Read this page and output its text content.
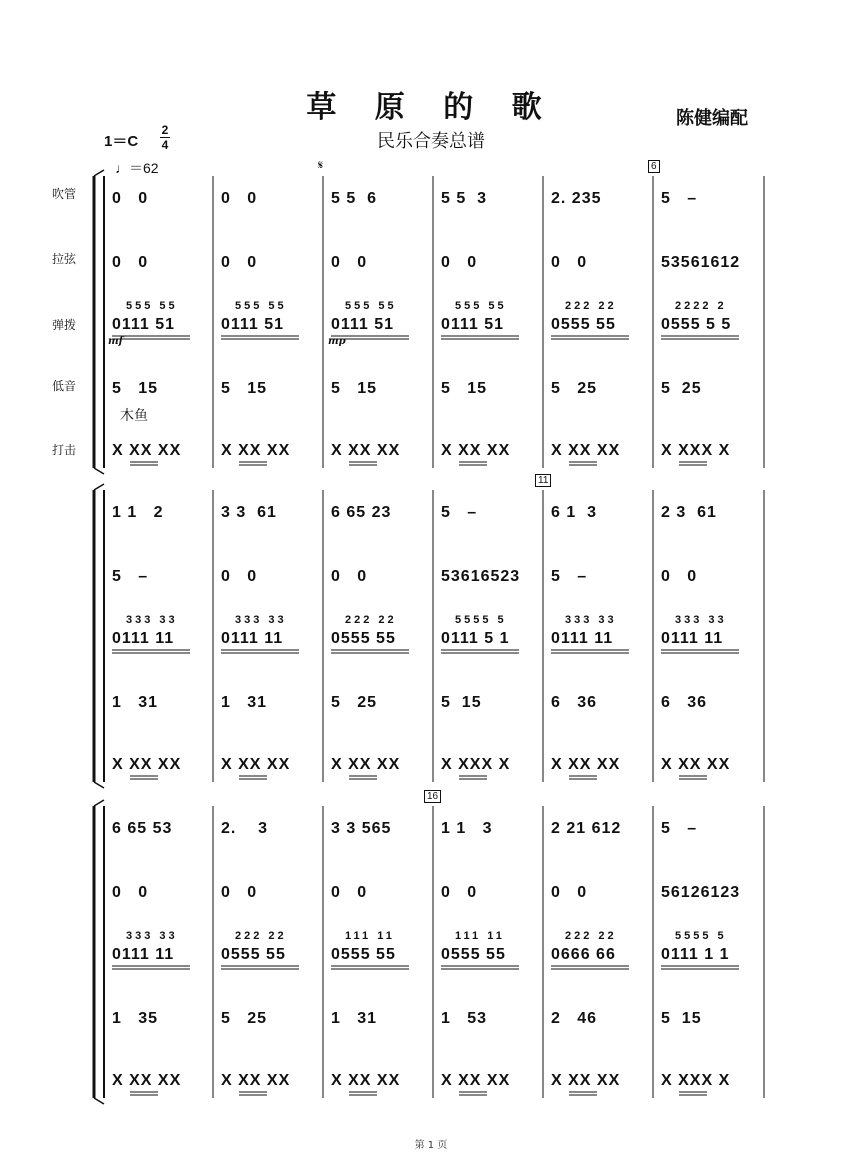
草 原 的 歌
民乐合奏总谱
陈健编配
1＝C
2
4
♩＝62
木鱼
第 1 页
吹管
拉弦
弹拨
低音
打击
0   0
0   0
0111 51
5   15
X XX XX
555 55
0   0
0   0
0111 51
5   15
X XX XX
555 55
5 5  6
0   0
0111 51
5   15
X XX XX
555 55
5 5  3
0   0
0111 51
5   15
X XX XX
555 55
2. 235
0   0
0555 55
5   25
X XX XX
222 22
5   –
53561612
0555 5 5
5  25
X XXX X
2222 2
6
mf	mp
1 1   2
5   –
0111 11
1   31
X XX XX
333 33
3 3  61
0   0
0111 11
1   31
X XX XX
333 33
6 65 23
0   0
0555 55
5   25
X XX XX
222 22
5   –
53616523
0111 5 1
5  15
X XXX X
5555 5
6 1  3
5   –
0111 11
6   36
X XX XX
333 33
2 3  61
0   0
0111 11
6   36
X XX XX
333 33
11
6 65 53
0   0
0111 11
1   35
X XX XX
333 33
2.    3
0   0
0555 55
5   25
X XX XX
222 22
3 3 565
0   0
0555 55
1   31
X XX XX
111 11
1 1   3
0   0
0555 55
1   53
X XX XX
111 11
2 21 612
0   0
0666 66
2   46
X XX XX
222 22
5   –
56126123
0111 1 1
5  15
X XXX X
5555 5
16
𝄋
